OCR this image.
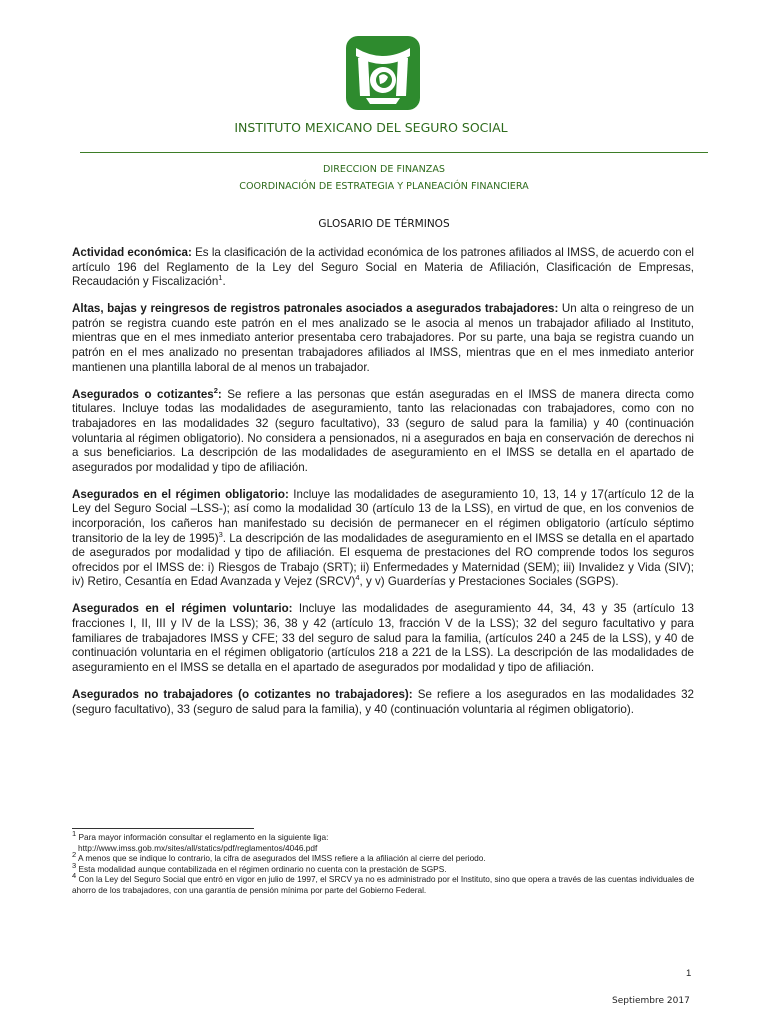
INSTITUTO MEXICANO DEL SEGURO SOCIAL
DIRECCION DE FINANZAS
COORDINACIÓN DE ESTRATEGIA Y PLANEACIÓN FINANCIERA
GLOSARIO DE TÉRMINOS

Actividad económica: Es la clasificación de la actividad económica de los patrones afiliados al IMSS, de acuerdo con el artículo 196 del Reglamento de la Ley del Seguro Social en Materia de Afiliación, Clasificación de Empresas, Recaudación y Fiscalización$^1$.

Altas, bajas y reingresos de registros patronales asociados a asegurados trabajadores: Un alta o reingreso de un patrón se registra cuando este patrón en el mes analizado se le asocia al menos un trabajador afiliado al Instituto, mientras que en el mes inmediato anterior presentaba cero trabajadores. Por su parte, una baja se registra cuando un patrón en el mes analizado no presentan trabajadores afiliados al IMSS, mientras que en el mes inmediato anterior mantienen una plantilla laboral de al menos un trabajador.

Asegurados o cotizantes$^2$: Se refiere a las personas que están aseguradas en el IMSS de manera directa como titulares. Incluye todas las modalidades de aseguramiento, tanto las relacionadas con trabajadores, como con no trabajadores en las modalidades 32 (seguro facultativo), 33 (seguro de salud para la familia) y 40 (continuación voluntaria al régimen obligatorio). No considera a pensionados, ni a asegurados en baja en conservación de derechos ni a sus beneficiarios. La descripción de las modalidades de aseguramiento en el IMSS se detalla en el apartado de asegurados por modalidad y tipo de afiliación.

Asegurados en el régimen obligatorio: Incluye las modalidades de aseguramiento 10, 13, 14 y 17(artículo 12 de la Ley del Seguro Social –LSS-); así como la modalidad 30 (artículo 13 de la LSS), en virtud de que, en los convenios de incorporación, los cañeros han manifestado su decisión de permanecer en el régimen obligatorio (artículo séptimo transitorio de la ley de 1995)$^3$. La descripción de las modalidades de aseguramiento en el IMSS se detalla en el apartado de asegurados por modalidad y tipo de afiliación. El esquema de prestaciones del RO comprende todos los seguros ofrecidos por el IMSS de: i) Riesgos de Trabajo (SRT); ii) Enfermedades y Maternidad (SEM); iii) Invalidez y Vida (SIV); iv) Retiro, Cesantía en Edad Avanzada y Vejez (SRCV)$^4$, y v) Guarderías y Prestaciones Sociales (SGPS).

Asegurados en el régimen voluntario: Incluye las modalidades de aseguramiento 44, 34, 43 y 35 (artículo 13 fracciones I, II, III y IV de la LSS); 36, 38 y 42 (artículo 13, fracción V de la LSS); 32 del seguro facultativo y para familiares de trabajadores IMSS y CFE; 33 del seguro de salud para la familia, (artículos 240 a 245 de la LSS), y 40 de continuación voluntaria en el régimen obligatorio (artículos 218 a 221 de la LSS). La descripción de las modalidades de aseguramiento en el IMSS se detalla en el apartado de asegurados por modalidad y tipo de afiliación.

Asegurados no trabajadores (o cotizantes no trabajadores): Se refiere a los asegurados en las modalidades 32 (seguro facultativo), 33 (seguro de salud para la familia), y 40 (continuación voluntaria al régimen obligatorio).

$^1$ Para mayor información consultar el reglamento en la siguiente liga:

http://www.imss.gob.mx/sites/all/statics/pdf/reglamentos/4046.pdf

$^2$ A menos que se indique lo contrario, la cifra de asegurados del IMSS refiere a la afiliación al cierre del periodo.

$^3$ Esta modalidad aunque contabilizada en el régimen ordinario no cuenta con la prestación de SGPS.

$^4$ Con la Ley del Seguro Social que entró en vigor en julio de 1997, el SRCV ya no es administrado por el Instituto, sino que opera a través de las cuentas individuales de ahorro de los trabajadores, con una garantía de pensión mínima por parte del Gobierno Federal.

1
Septiembre 2017
